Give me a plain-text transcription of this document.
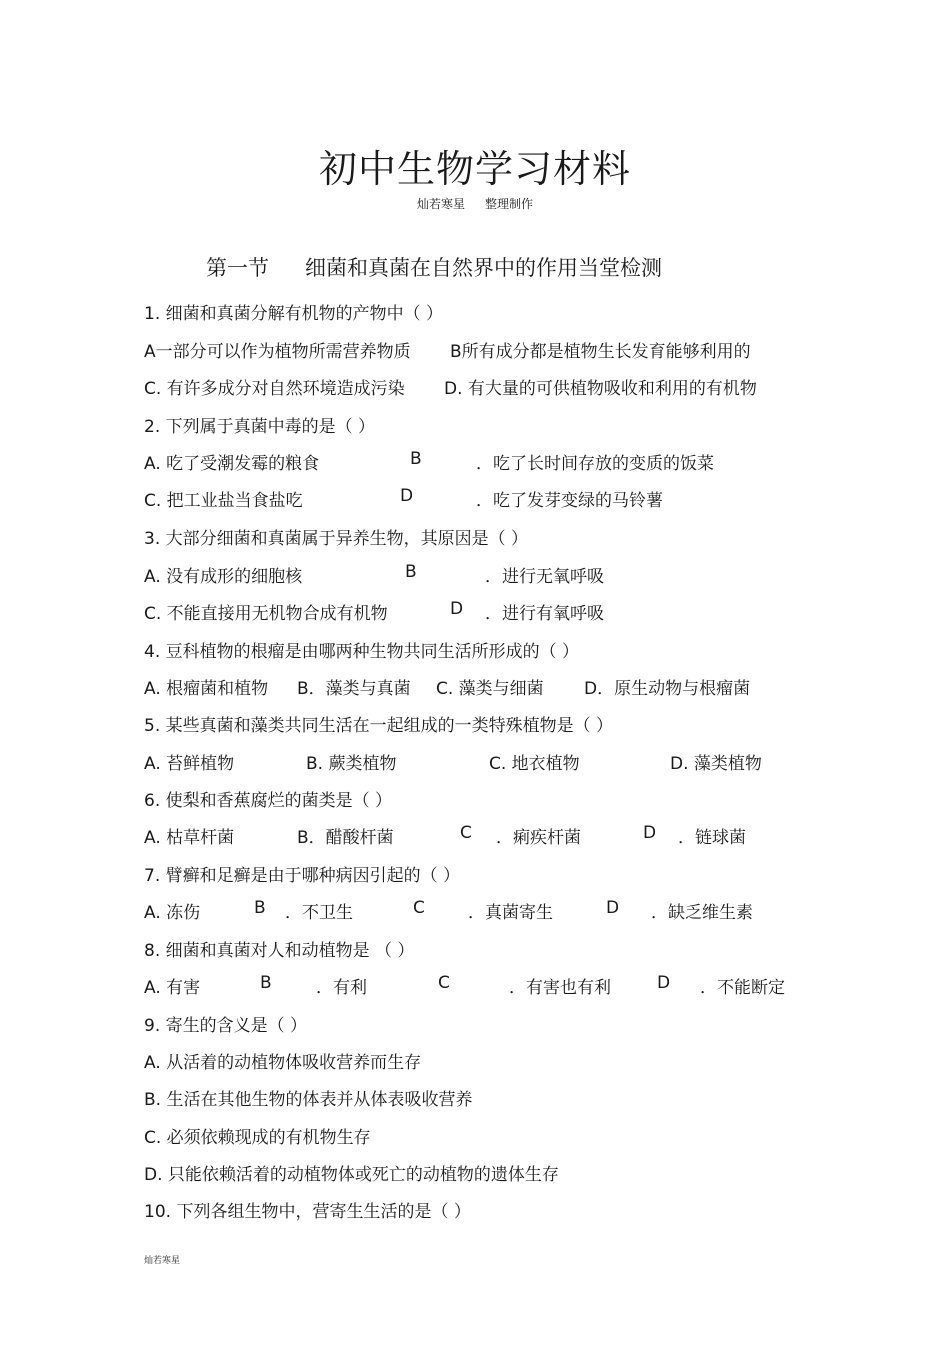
初中生物学习材料
灿若寒星 整理制作
第一节 细菌和真菌在自然界中的作用当堂检测
1. 细菌和真菌分解有机物的产物中（ ）
A一部分可以作为植物所需营养物质 B所有成分都是植物生长发育能够利用的
C. 有许多成分对自然环境造成污染 D. 有大量的可供植物吸收和利用的有机物
2. 下列属于真菌中毒的是（ ）
A. 吃了受潮发霉的粮食	B	．吃了长时间存放的变质的饭菜
C. 把工业盐当食盐吃	D	．吃了发芽变绿的马铃薯
3. 大部分细菌和真菌属于异养生物，其原因是（ ）
A. 没有成形的细胞核	B	．进行无氧呼吸
C. 不能直接用无机物合成有机物	D ．进行有氧呼吸
4. 豆科植物的根瘤是由哪两种生物共同生活所形成的（ ）
A. 根瘤菌和植物 B．藻类与真菌 C. 藻类与细菌 D．原生动物与根瘤菌
5. 某些真菌和藻类共同生活在一起组成的一类特殊植物是（ ）
A. 苔鲜植物	B. 蕨类植物	C. 地衣植物	D. 藻类植物
6. 使梨和香蕉腐烂的菌类是（ ）
A. 枯草杆菌	B．醋酸杆菌	C ．痢疾杆菌	D ．链球菌
7. 臂癣和足癣是由于哪种病因引起的（ ）
A. 冻伤	B ．不卫生	C	．真菌寄生	D ．缺乏维生素
8. 细菌和真菌对人和动植物是 （ ）
A. 有害	B	．有利	C	．有害也有利	D ．不能断定
9. 寄生的含义是（ ）
A. 从活着的动植物体吸收营养而生存
B. 生活在其他生物的体表并从体表吸收营养
C. 必须依赖现成的有机物生存
D. 只能依赖活着的动植物体或死亡的动植物的遗体生存
10. 下列各组生物中，营寄生生活的是（ ）
灿若寒星
